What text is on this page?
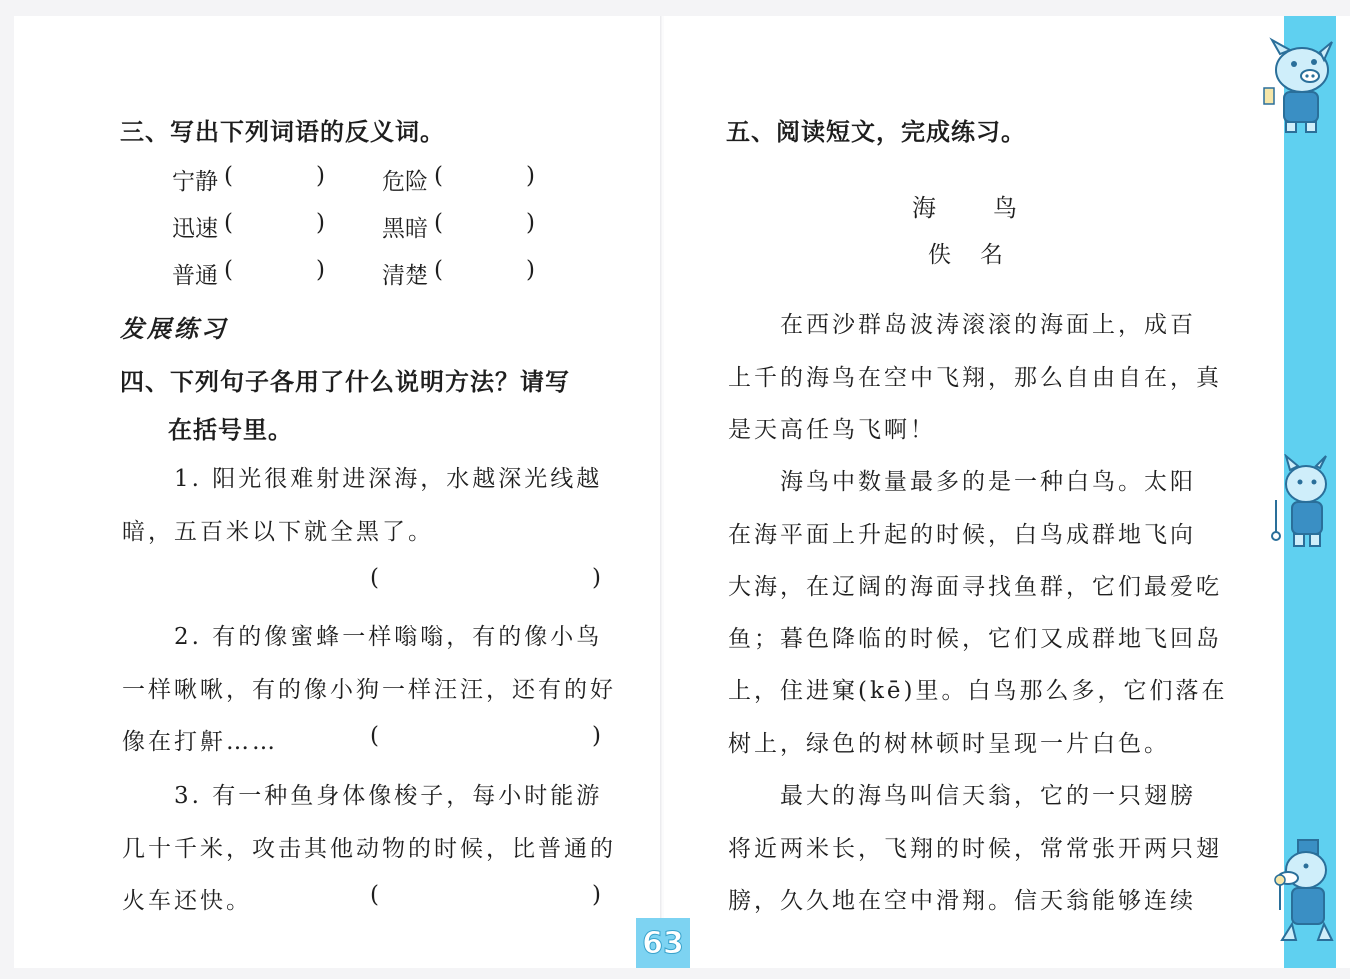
三、写出下列词语的反义词。
宁静 (	) 危险 (	)
迅速 (	) 黑暗 (	)
普通 (	) 清楚 (	)
发展练习
四、下列句子各用了什么说明方法？请写
在括号里。
1. 阳光很难射进深海，水越深光线越
暗，五百米以下就全黑了。
(	)
2. 有的像蜜蜂一样嗡嗡，有的像小鸟
一样啾啾，有的像小狗一样汪汪，还有的好
像在打鼾……	(	)
3. 有一种鱼身体像梭子，每小时能游
几十千米，攻击其他动物的时候，比普通的
火车还快。	(	)
五、阅读短文，完成练习。
海　　鸟
佚　名
在西沙群岛波涛滚滚的海面上，成百
上千的海鸟在空中飞翔，那么自由自在，真
是天高任鸟飞啊！
海鸟中数量最多的是一种白鸟。太阳
在海平面上升起的时候，白鸟成群地飞向
大海，在辽阔的海面寻找鱼群，它们最爱吃
鱼；暮色降临的时候，它们又成群地飞回岛
上，住进窠(kē)里。白鸟那么多，它们落在
树上，绿色的树林顿时呈现一片白色。
最大的海鸟叫信天翁，它的一只翅膀
将近两米长，飞翔的时候，常常张开两只翅
膀，久久地在空中滑翔。信天翁能够连续
63
